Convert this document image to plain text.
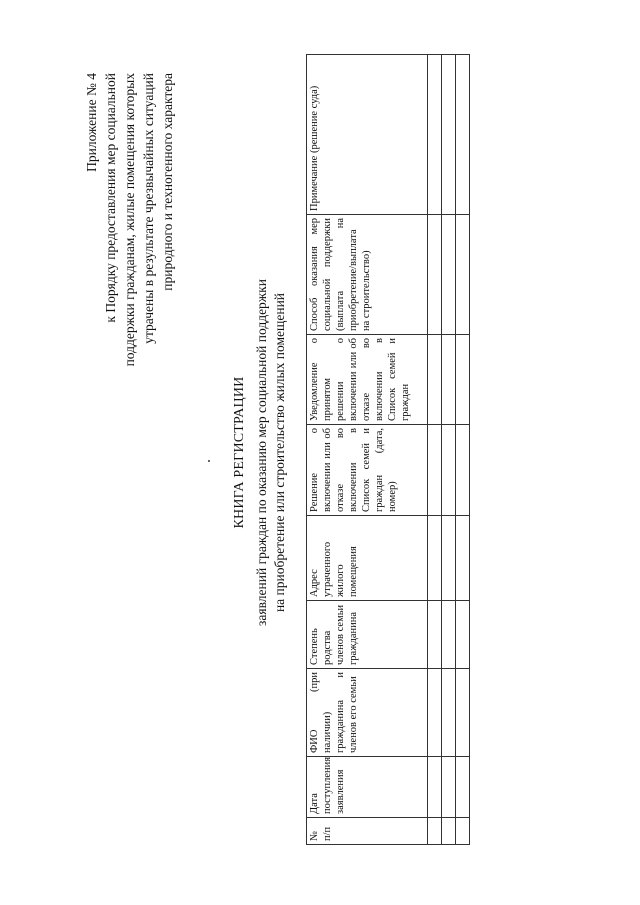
Приложение № 4 к Порядку предоставления мер социальной поддержки гражданам, жилые помещения которых утрачены в результате чрезвычайных ситуаций природного и техногенного характера
КНИГА РЕГИСТРАЦИИ заявлений граждан по оказанию мер социальной поддержки на приобретение или строительство жилых помещений
№ п/п	Дата поступления заявления	ФИО (при наличии) гражданина и членов его семьи	Степень родства членов семьи гражданина	Адрес утраченного жилого помещения	Решение о включении или об отказе во включении в Список семей и граждан (дата, номер)	Уведомление о принятом решении о включении или об отказе во включении в Список семей и граждан	Способ оказания мер социальной поддержки (выплата на приобретение/выплата на строительство)	Примечание (решение суда)
